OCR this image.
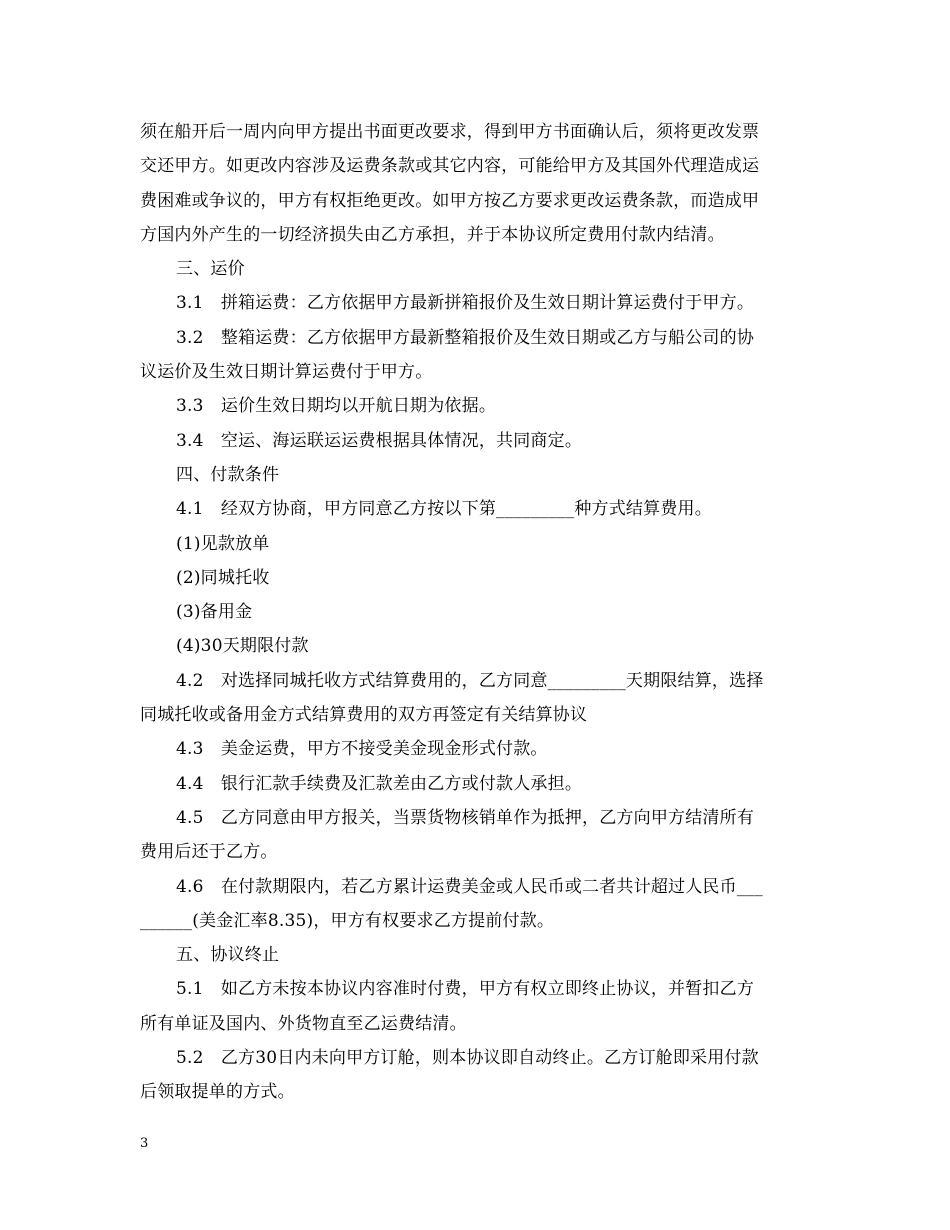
须在船开后一周内向甲方提出书面更改要求，得到甲方书面确认后，须将更改发票
交还甲方。如更改内容涉及运费条款或其它内容，可能给甲方及其国外代理造成运
费困难或争议的，甲方有权拒绝更改。如甲方按乙方要求更改运费条款，而造成甲
方国内外产生的一切经济损失由乙方承担，并于本协议所定费用付款内结清。
三、运价
3.1　拼箱运费：乙方依据甲方最新拼箱报价及生效日期计算运费付于甲方。
3.2　整箱运费：乙方依据甲方最新整箱报价及生效日期或乙方与船公司的协
议运价及生效日期计算运费付于甲方。
3.3　运价生效日期均以开航日期为依据。
3.4　空运、海运联运运费根据具体情况，共同商定。
四、付款条件
4.1　经双方协商，甲方同意乙方按以下第_________种方式结算费用。
(1)见款放单
(2)同城托收
(3)备用金
(4)30天期限付款
4.2　对选择同城托收方式结算费用的，乙方同意_________天期限结算，选择
同城托收或备用金方式结算费用的双方再签定有关结算协议
4.3　美金运费，甲方不接受美金现金形式付款。
4.4　银行汇款手续费及汇款差由乙方或付款人承担。
4.5　乙方同意由甲方报关，当票货物核销单作为抵押，乙方向甲方结清所有
费用后还于乙方。
4.6　在付款期限内，若乙方累计运费美金或人民币或二者共计超过人民币___
______(美金汇率8.35)，甲方有权要求乙方提前付款。
五、协议终止
5.1　如乙方未按本协议内容准时付费，甲方有权立即终止协议，并暂扣乙方
所有单证及国内、外货物直至乙运费结清。
5.2　乙方30日内未向甲方订舱，则本协议即自动终止。乙方订舱即采用付款
后领取提单的方式。
3
